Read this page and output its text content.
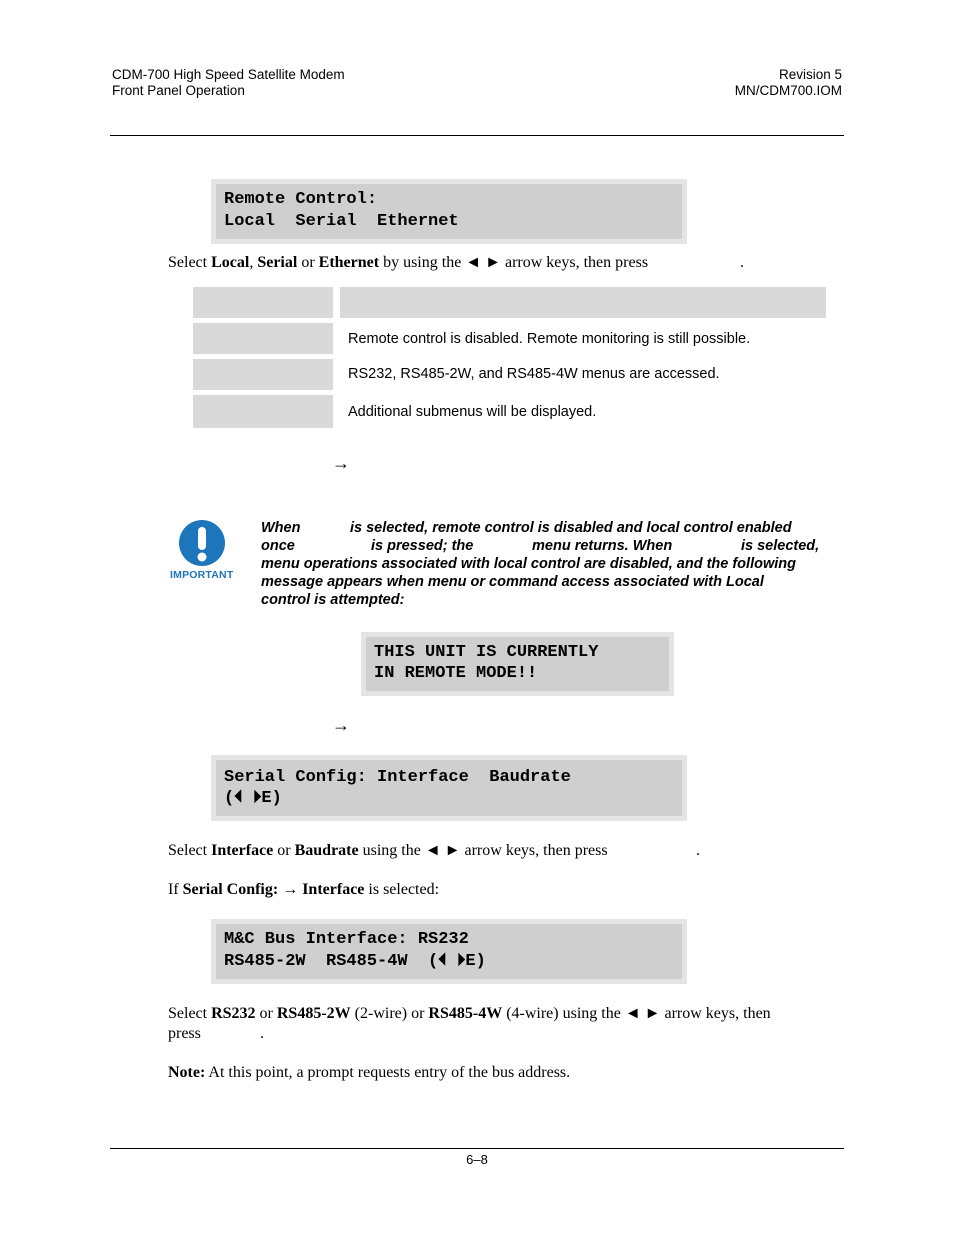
CDM-700 High Speed Satellite Modem
Front Panel Operation
Revision 5
MN/CDM700.IOM
Remote Control:
Local  Serial  Ethernet
Select Local, Serial or Ethernet by using the ◄ ► arrow keys, then press	.
Remote control is disabled. Remote monitoring is still possible.
RS232, RS485-2W, and RS485-4W menus are accessed.
Additional submenus will be displayed.
→
IMPORTANT
When	is selected, remote control is disabled and local control enabled
once	is pressed; the	menu returns. When	is selected,
menu operations associated with local control are disabled, and the following
message appears when menu or command access associated with Local
control is attempted:
THIS UNIT IS CURRENTLY
IN REMOTE MODE!!
→
Serial Config: Interface  Baudrate
(⏴ ⏵E)
Select Interface or Baudrate using the ◄ ► arrow keys, then press	.
If Serial Config: → Interface is selected:
M&C Bus Interface: RS232
RS485-2W  RS485-4W  (⏴ ⏵E)
Select RS232 or RS485-2W (2-wire) or RS485-4W (4-wire) using the ◄ ► arrow keys, then
press	.
Note: At this point, a prompt requests entry of the bus address.
6–8
